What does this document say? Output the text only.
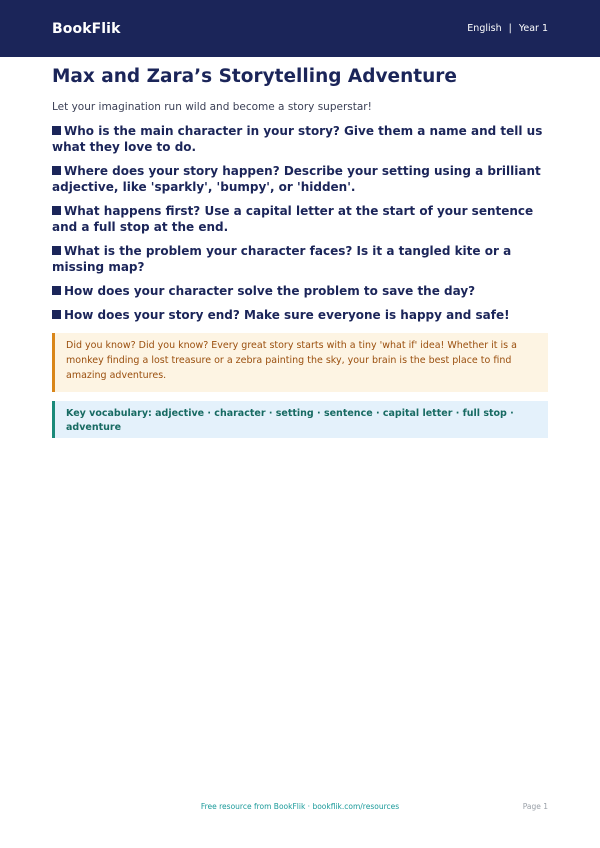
BookFlik	English | Year 1
Max and Zara’s Storytelling Adventure

Let your imagination run wild and become a story superstar!

Who is the main character in your story? Give them a name and tell us what they love to do.
Where does your story happen? Describe your setting using a brilliant adjective, like 'sparkly', 'bumpy', or 'hidden'.
What happens first? Use a capital letter at the start of your sentence and a full stop at the end.
What is the problem your character faces? Is it a tangled kite or a missing map?
How does your character solve the problem to save the day?
How does your story end? Make sure everyone is happy and safe!
Did you know? Did you know? Every great story starts with a tiny 'what if' idea! Whether it is a monkey finding a lost treasure or a zebra painting the sky, your brain is the best place to find amazing adventures.
Key vocabulary: adjective · character · setting · sentence · capital letter · full stop · adventure
Free resource from BookFlik · bookflik.com/resources	Page 1
